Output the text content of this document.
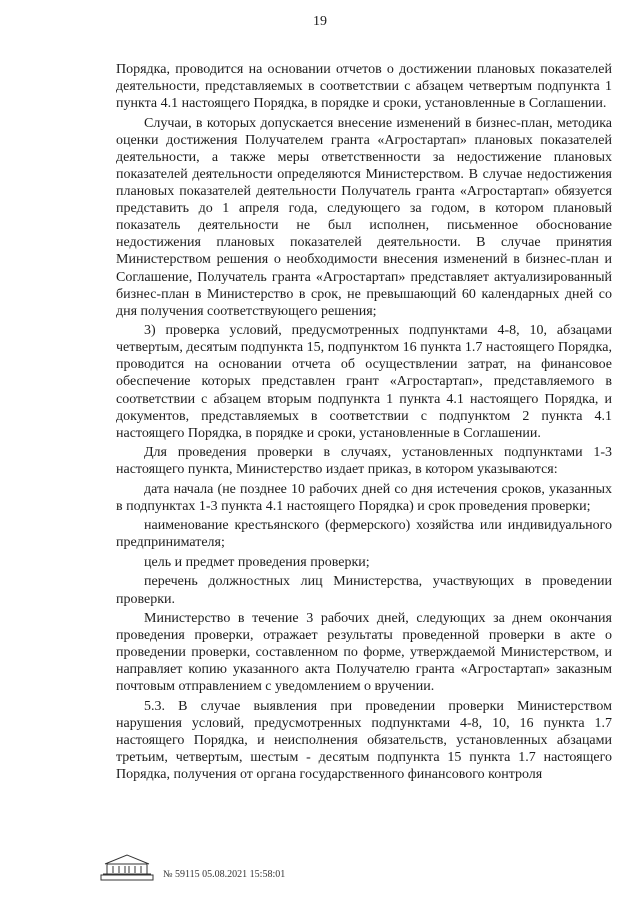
19

Порядка, проводится на основании отчетов о достижении плановых показателей деятельности, представляемых в соответствии с абзацем четвертым подпункта 1 пункта 4.1 настоящего Порядка, в порядке и сроки, установленные в Соглашении.

Случаи, в которых допускается внесение изменений в бизнес-план, методика оценки достижения Получателем гранта «Агростартап» плановых показателей деятельности, а также меры ответственности за недостижение плановых показателей деятельности определяются Министерством. В случае недостижения плановых показателей деятельности Получатель гранта «Агростартап» обязуется представить до 1 апреля года, следующего за годом, в котором плановый показатель деятельности не был исполнен, письменное обоснование недостижения плановых показателей деятельности. В случае принятия Министерством решения о необходимости внесения изменений в бизнес-план и Соглашение, Получатель гранта «Агростартап» представляет актуализированный бизнес-план в Министерство в срок, не превышающий 60 календарных дней со дня получения соответствующего решения;

3) проверка условий, предусмотренных подпунктами 4-8, 10, абзацами четвертым, десятым подпункта 15, подпунктом 16 пункта 1.7 настоящего Порядка, проводится на основании отчета об осуществлении затрат, на финансовое обеспечение которых представлен грант «Агростартап», представляемого в соответствии с абзацем вторым подпункта 1 пункта 4.1 настоящего Порядка, и документов, представляемых в соответствии с подпунктом 2 пункта 4.1 настоящего Порядка, в порядке и сроки, установленные в Соглашении.

Для проведения проверки в случаях, установленных подпунктами 1-3 настоящего пункта, Министерство издает приказ, в котором указываются:

дата начала (не позднее 10 рабочих дней со дня истечения сроков, указанных в подпунктах 1-3 пункта 4.1 настоящего Порядка) и срок проведения проверки;

наименование крестьянского (фермерского) хозяйства или индивидуального предпринимателя;

цель и предмет проведения проверки;

перечень должностных лиц Министерства, участвующих в проведении проверки.

Министерство в течение 3 рабочих дней, следующих за днем окончания проведения проверки, отражает результаты проведенной проверки в акте о проведении проверки, составленном по форме, утверждаемой Министерством, и направляет копию указанного акта Получателю гранта «Агростартап» заказным почтовым отправлением с уведомлением о вручении.

5.3. В случае выявления при проведении проверки Министерством нарушения условий, предусмотренных подпунктами 4-8, 10, 16 пункта 1.7 настоящего Порядка, и неисполнения обязательств, установленных абзацами третьим, четвертым, шестым - десятым подпункта 15 пункта 1.7 настоящего Порядка, получения от органа государственного финансового контроля

№ 59115 05.08.2021 15:58:01
